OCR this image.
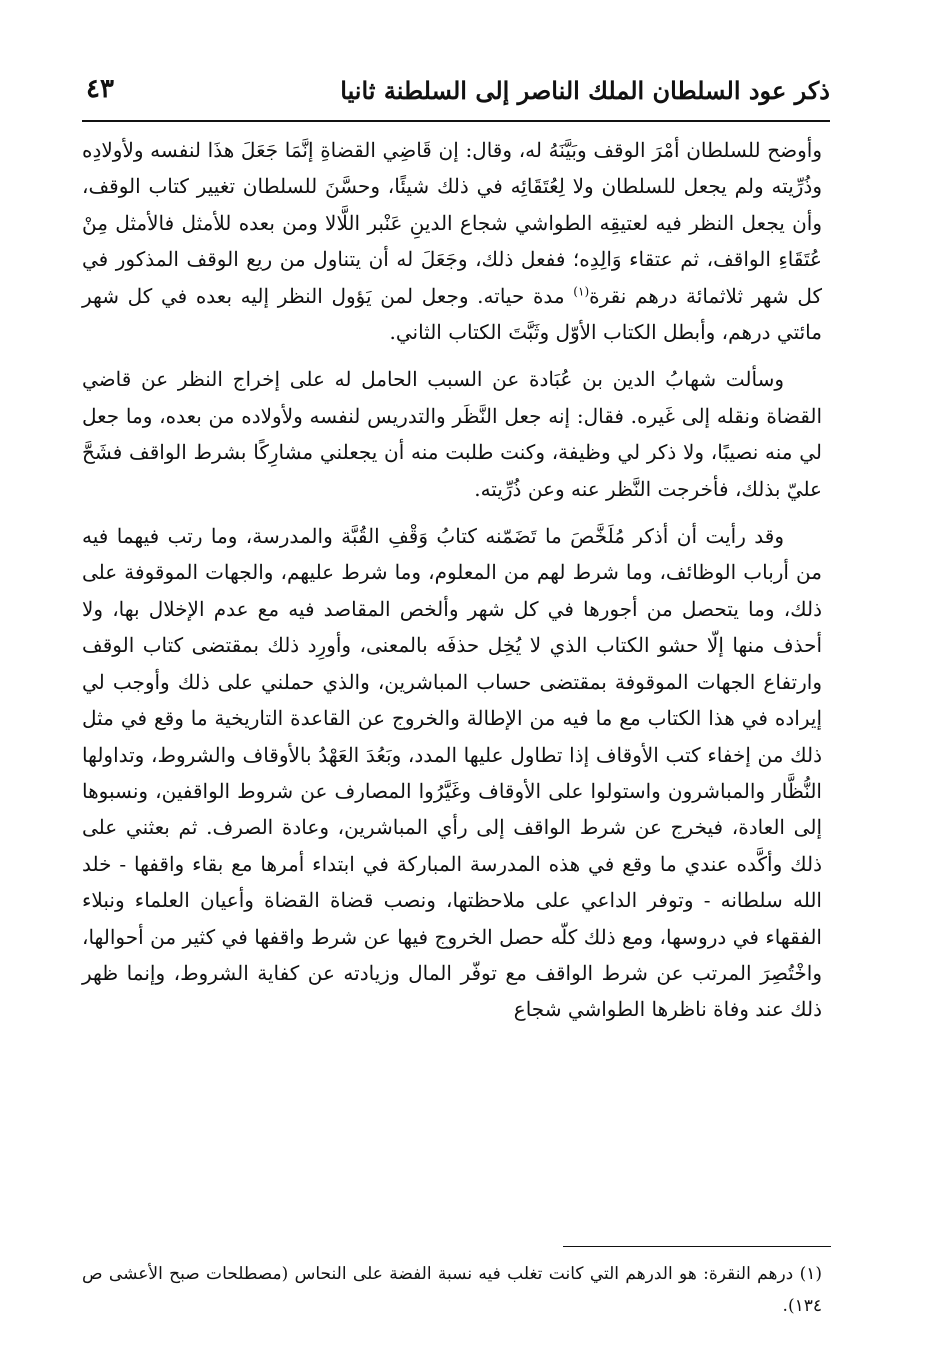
ذكر عود السلطان الملك الناصر إلى السلطنة ثانيا
٤٣

وأوضح للسلطان أمْرَ الوقف وبَيَّنَهُ له، وقال: إن قَاضِي القضاةِ إنَّمَا جَعَلَ هذَا لنفسه ولأولادِه وذُرِّيته ولم يجعل للسلطان ولا لِعُتَقَائِه في ذلك شيئًا، وحسَّنَ للسلطان تغيير كتاب الوقف، وأن يجعل النظر فيه لعتيقِه الطواشي شجاع الدينِ عَنْبر اللَّالا ومن بعده للأمثل فالأمثل مِنْ عُتَقَاءِ الواقف، ثم عتقاء وَالِدِه؛ ففعل ذلك، وجَعَلَ له أن يتناول من ريع الوقف المذكور في كل شهر ثلاثمائة درهم نقرة$^{(١)}$ مدة حياته. وجعل لمن يَؤول النظر إليه بعده في كل شهر مائتي درهم، وأبطل الكتاب الأوّل وثَبَّتَ الكتاب الثاني.

وسألت شهابُ الدين بن عُبَادة عن السبب الحامل له على إخراج النظر عن قاضي القضاة ونقله إلى غَيره. فقال: إنه جعل النَّظَر والتدريس لنفسه ولأولاده من بعده، وما جعل لي منه نصيبًا، ولا ذكر لي وظيفة، وكنت طلبت منه أن يجعلني مشارِكًا بشرط الواقف فشَحَّ عليّ بذلك، فأخرجت النَّظر عنه وعن ذُرِّيته.

وقد رأيت أن أذكر مُلَخَّصَ ما تَضَمّنه كتابُ وَقْفِ القُبَّة والمدرسة، وما رتب فيهما فيه من أرباب الوظائف، وما شرط لهم من المعلوم، وما شرط عليهم، والجهات الموقوفة على ذلك، وما يتحصل من أجورها في كل شهر وألخص المقاصد فيه مع عدم الإخلال بها، ولا أحذف منها إلّا حشو الكتاب الذي لا يُخِل حذفَه بالمعنى، وأورِد ذلك بمقتضى كتاب الوقف وارتفاع الجهات الموقوفة بمقتضى حساب المباشرين، والذي حملني على ذلك وأوجب لي إيراده في هذا الكتاب مع ما فيه من الإطالة والخروج عن القاعدة التاريخية ما وقع في مثل ذلك من إخفاء كتب الأوقاف إذا تطاول عليها المدد، وبَعُدَ العَهْدُ بالأوقاف والشروط، وتداولها النُّظَّار والمباشرون واستولوا على الأوقاف وغَيَّرُوا المصارف عن شروط الواقفين، ونسبوها إلى العادة، فيخرج عن شرط الواقف إلى رأي المباشرين، وعادة الصرف. ثم بعثني على ذلك وأكَّده عندي ما وقع في هذه المدرسة المباركة في ابتداء أمرها مع بقاء واقفها - خلد الله سلطانه - وتوفر الداعي على ملاحظتها، ونصب قضاة القضاة وأعيان العلماء ونبلاء الفقهاء في دروسها، ومع ذلك كلّه حصل الخروج فيها عن شرط واقفها في كثير من أحوالها، واخْتُصِرَ المرتب عن شرط الواقف مع توفّر المال وزيادته عن كفاية الشروط، وإنما ظهر ذلك عند وفاة ناظرها الطواشي شجاع

(١) درهم النقرة: هو الدرهم التي كانت تغلب فيه نسبة الفضة على النحاس (مصطلحات صبح الأعشى ص ١٣٤).
